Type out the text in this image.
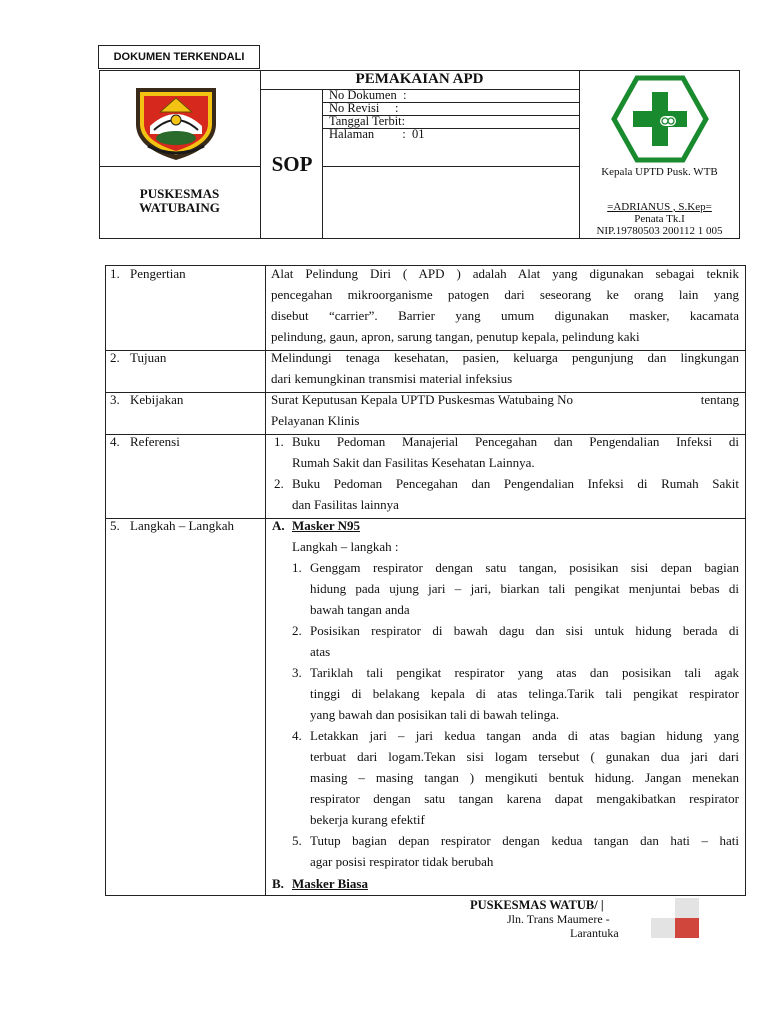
DOKUMEN TERKENDALI
PEMAKAIAN APD
SOP
No Dokumen  :
No Revisi     :
Tanggal Terbit:
Halaman         :  01
PUSKESMAS
WATUBAING
Kepala UPTD Pusk. WTB
=ADRIANUS , S.Kep=
Penata Tk.I
NIP.19780503 200112 1 005
1. Pengertian	Alat Pelindung Diri ( APD ) adalah Alat yang digunakan sebagai teknik
pencegahan mikroorganisme patogen dari seseorang ke orang lain yang
disebut “carrier”. Barrier yang umum digunakan masker, kacamata
pelindung, gaun, apron, sarung tangan, penutup kepala, pelindung kaki
2. Tujuan	Melindungi tenaga kesehatan, pasien, keluarga pengunjung dan lingkungan
dari kemungkinan transmisi material infeksius
3. Kebijakan	Surat Keputusan Kepala UPTD Puskesmas Watubaing No	tentang
Pelayanan Klinis
4. Referensi	1. Buku Pedoman Manajerial Pencegahan dan Pengendalian Infeksi di
Rumah Sakit dan Fasilitas Kesehatan Lainnya.
2. Buku Pedoman Pencegahan dan Pengendalian Infeksi di Rumah Sakit
dan Fasilitas lainnya
5. Langkah – Langkah	A. Masker N95
Langkah – langkah :
1. Genggam respirator dengan satu tangan, posisikan sisi depan bagian
hidung pada ujung jari – jari, biarkan tali pengikat menjuntai bebas di
bawah tangan anda
2. Posisikan respirator di bawah dagu dan sisi untuk hidung berada di
atas
3. Tariklah tali pengikat respirator yang atas dan posisikan tali agak
tinggi di belakang kepala di atas telinga.Tarik tali pengikat respirator
yang bawah dan posisikan tali di bawah telinga.
4. Letakkan jari – jari kedua tangan anda di atas bagian hidung yang
terbuat dari logam.Tekan sisi logam tersebut ( gunakan dua jari dari
masing – masing tangan ) mengikuti bentuk hidung. Jangan menekan
respirator dengan satu tangan karena dapat mengakibatkan respirator
bekerja kurang efektif
5. Tutup bagian depan respirator dengan kedua tangan dan hati – hati
agar posisi respirator tidak berubah
B. Masker Biasa
PUSKESMAS WATUB/ |
Jln. Trans Maumere -
Larantuka
